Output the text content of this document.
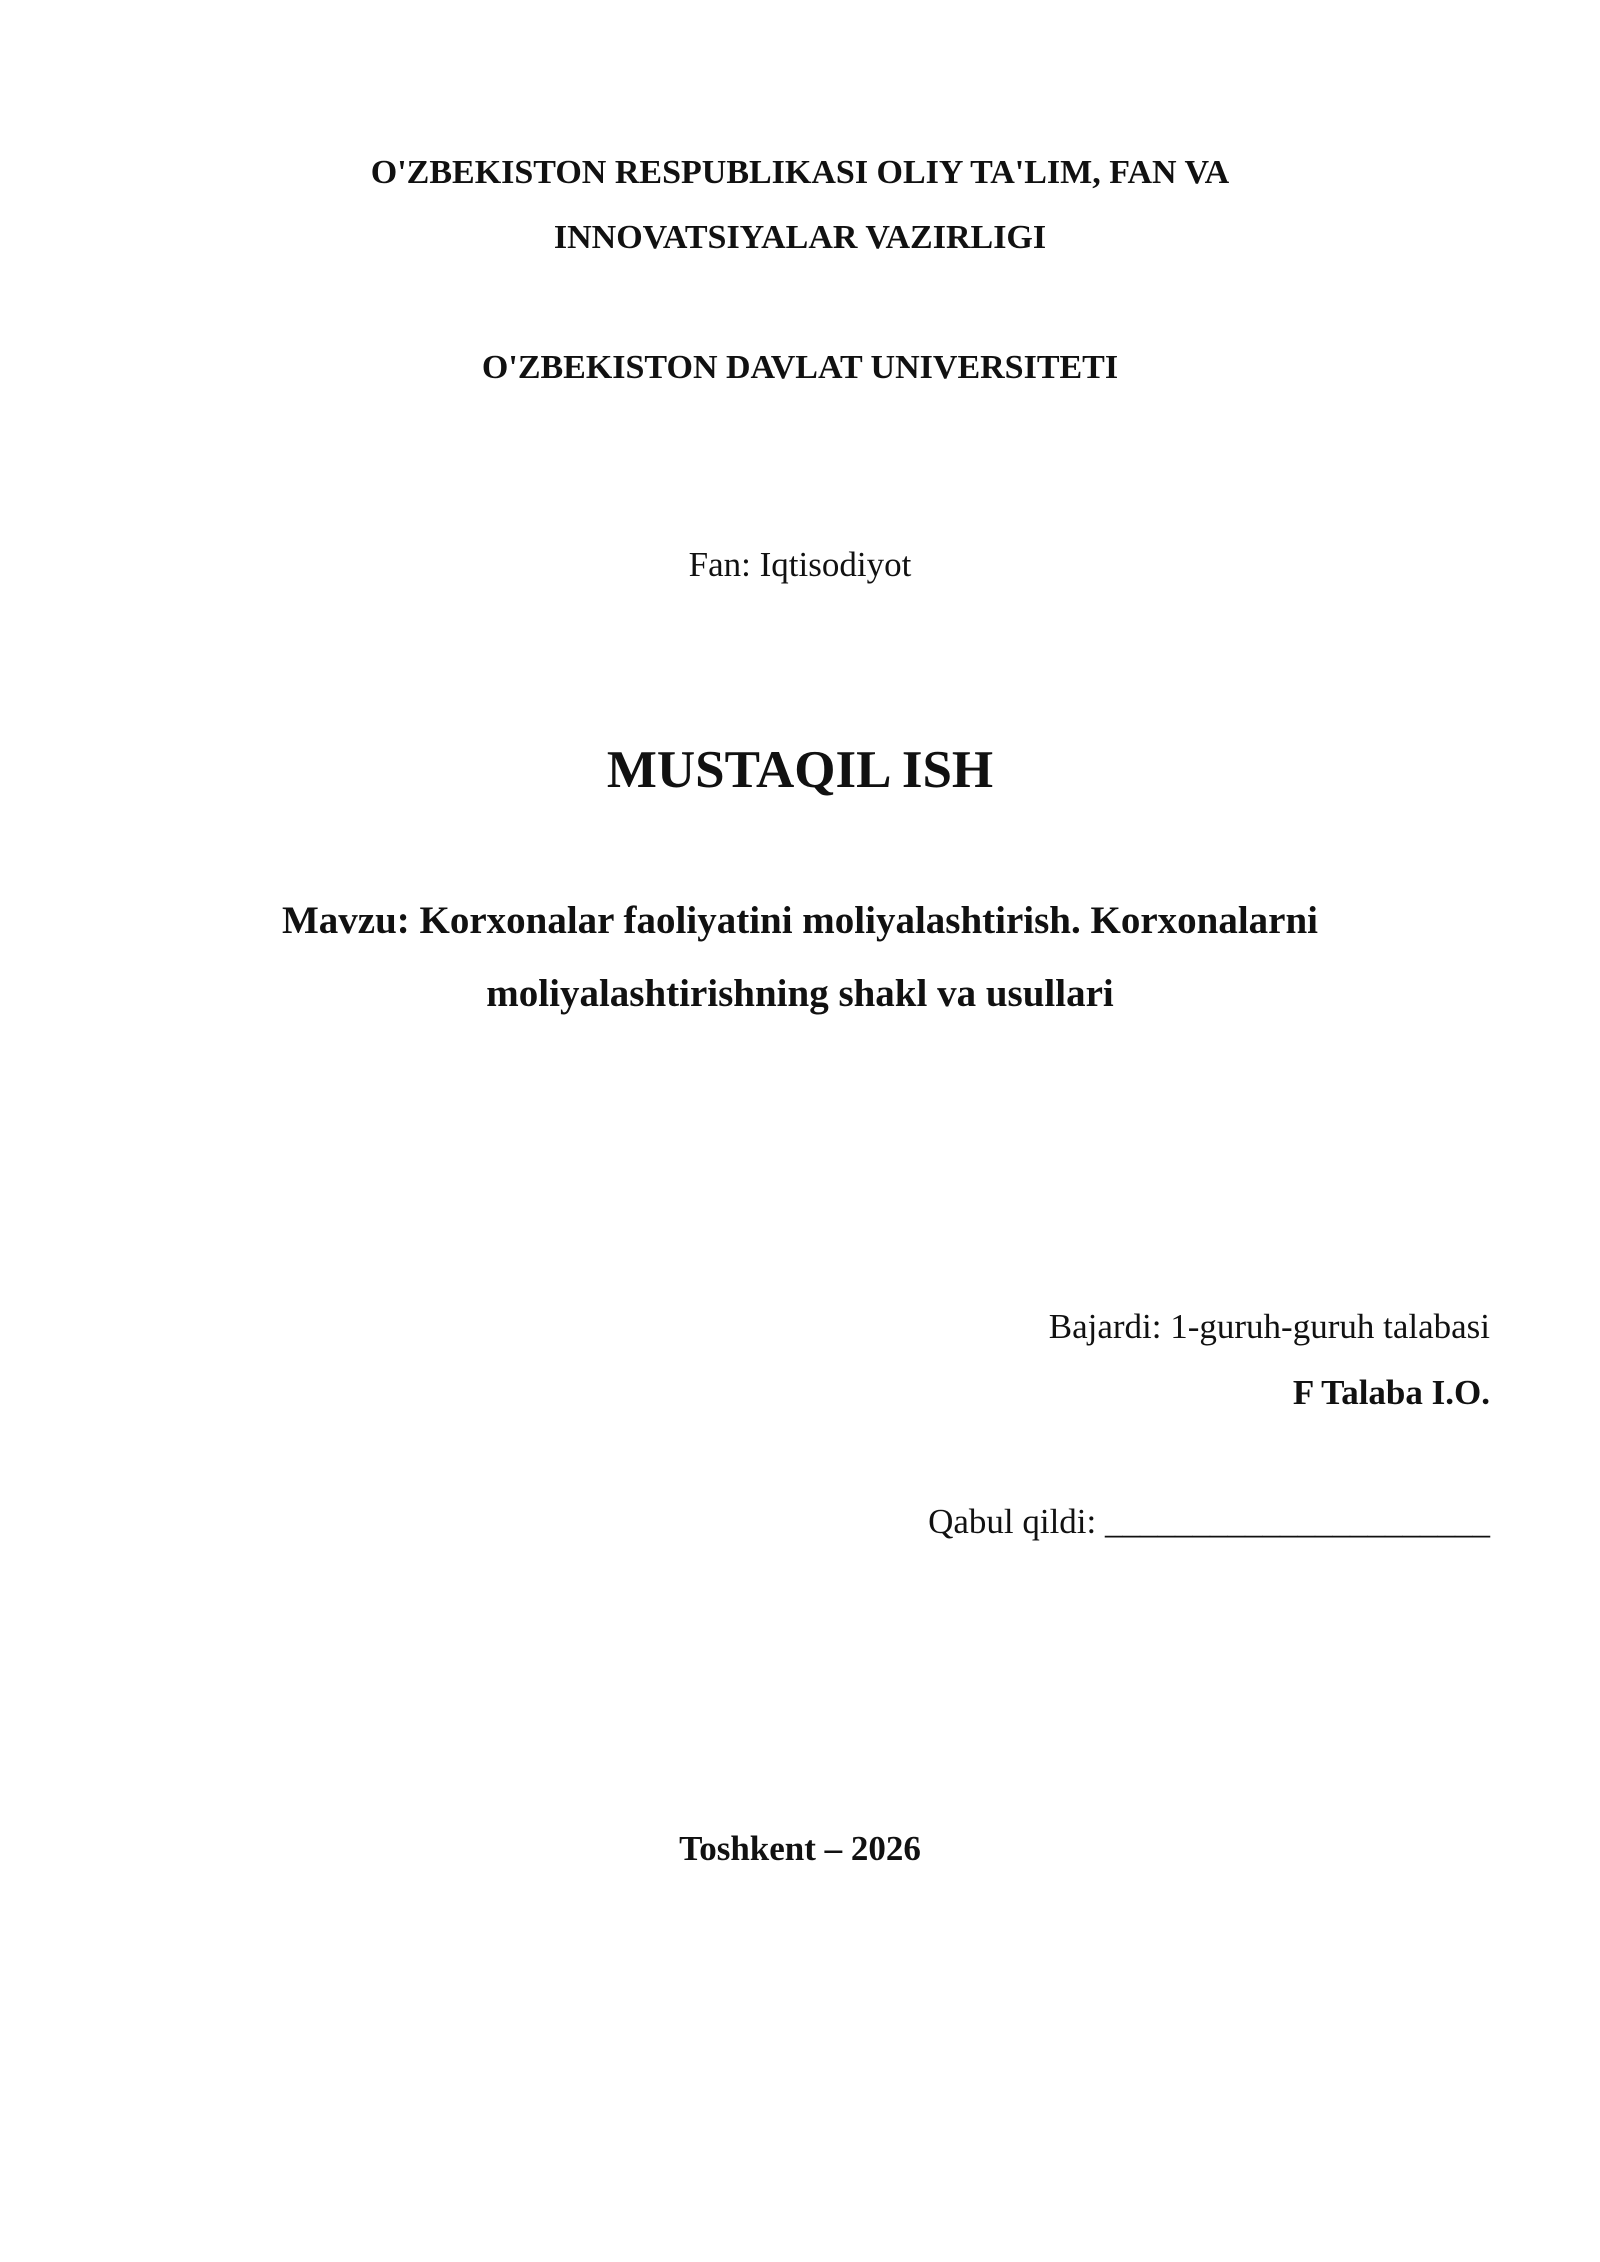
O'ZBEKISTON RESPUBLIKASI OLIY TA'LIM, FAN VA
INNOVATSIYALAR VAZIRLIGI
O'ZBEKISTON DAVLAT UNIVERSITETI
Fan: Iqtisodiyot
MUSTAQIL ISH
Mavzu: Korxonalar faoliyatini moliyalashtirish. Korxonalarni
moliyalashtirishning shakl va usullari
Bajardi: 1-guruh-guruh talabasi
F Talaba I.O.
Qabul qildi: ______________________
Toshkent – 2026
